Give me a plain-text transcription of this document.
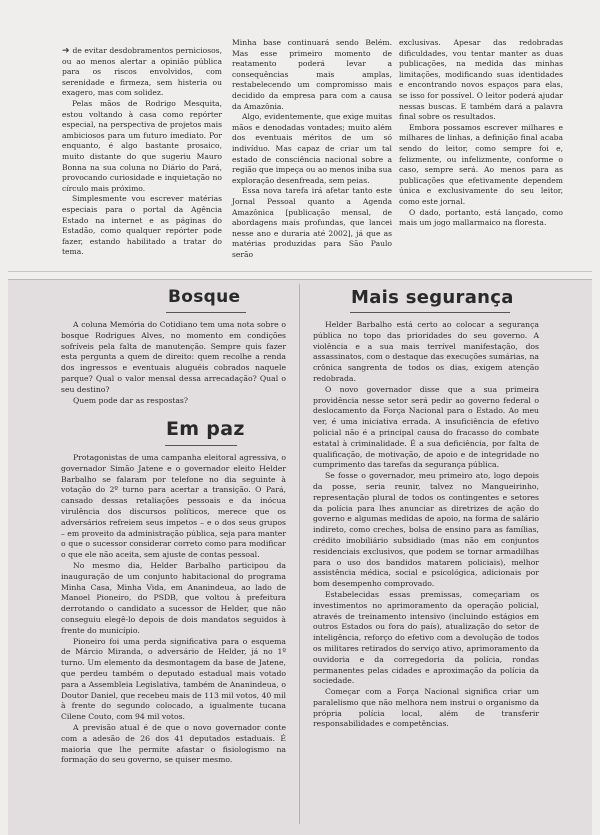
➜ de evitar desdobramentos perniciosos, ou ao menos alertar a opinião pública para os riscos envolvidos, com serenidade e firmeza, sem histeria ou exagero, mas com solidez.

Pelas mãos de Rodrigo Mesquita, estou voltando à casa como repórter especial, na perspectiva de projetos mais ambiciosos para um futuro imediato. Por enquanto, é algo bastante prosaico, muito distante do que sugeriu Mauro Bonna na sua coluna no Diário do Pará, provocando curiosidade e inquietação no círculo mais próximo.

Simplesmente vou escrever matérias especiais para o portal da Agência Estado na internet e as páginas do Estadão, como qualquer repórter pode fazer, estando habilitado a tratar do tema.

Minha base continuará sendo Belém. Mas esse primeiro momento de reatamento poderá levar a consequências mais amplas, restabelecendo um compromisso mais decidido da empresa para com a causa da Amazônia.

Algo, evidentemente, que exige muitas mãos e denodadas vontades; muito além dos eventuais méritos de um só indivíduo. Mas capaz de criar um tal estado de consciência nacional sobre a região que impeça ou ao menos iniba sua exploração desenfreada, sem peias.

Essa nova tarefa irá afetar tanto este Jornal Pessoal quanto a Agenda Amazônica [publicação mensal, de abordagens mais profundas, que lancei nesse ano e duraria até 2002], já que as matérias produzidas para São Paulo serão

exclusivas. Apesar das redobradas dificuldades, vou tentar manter as duas publicações, na medida das minhas limitações, modificando suas identidades e encontrando novos espaços para elas, se isso for possível. O leitor poderá ajudar nessas buscas. E também dará a palavra final sobre os resultados.

Embora possamos escrever milhares e milhares de linhas, a definição final acaba sendo do leitor, como sempre foi e, felizmente, ou infelizmente, conforme o caso, sempre será. Ao menos para as publicações que efetivamente dependem única e exclusivamente do seu leitor, como este jornal.

O dado, portanto, está lançado, como mais um jogo mallarmaico na floresta.

Bosque

A coluna Memória do Cotidiano tem uma nota sobre o bosque Rodrigues Alves, no momento em condições sofríveis pela falta de manutenção. Sempre quis fazer esta pergunta a quem de direito: quem recolhe a renda dos ingressos e eventuais aluguéis cobrados naquele parque? Qual o valor mensal dessa arrecadação? Qual o seu destino?

Quem pode dar as respostas?

Em paz

Protagonistas de uma campanha eleitoral agressiva, o governador Simão Jatene e o governador eleito Helder Barbalho se falaram por telefone no dia seguinte à votação do 2º turno para acertar a transição. O Pará, cansado dessas retaliações pessoais e da inócua virulência dos discursos políticos, merece que os adversários refreiem seus impetos – e o dos seus grupos – em proveito da administração pública, seja para manter o que o sucessor considerar correto como para modificar o que ele não aceita, sem ajuste de contas pessoal.

No mesmo dia, Helder Barbalho participou da inauguração de um conjunto habitacional do programa Minha Casa, Minha Vida, em Ananindeua, ao lado de Manoel Pioneiro, do PSDB, que voltou à prefeitura derrotando o candidato a sucessor de Helder, que não conseguiu elegê-lo depois de dois mandatos seguidos à frente do município.

Pioneiro foi uma perda significativa para o esquema de Márcio Miranda, o adversário de Helder, já no 1º turno. Um elemento da desmontagem da base de Jatene, que perdeu também o deputado estadual mais votado para a Assembleia Legislativa, também de Ananindeua, o Doutor Daniel, que recebeu mais de 113 mil votos, 40 mil à frente do segundo colocado, a igualmente tucana Cilene Couto, com 94 mil votos.

A previsão atual é de que o novo governador conte com a adesão de 26 dos 41 deputados estaduais. É maioria que lhe permite afastar o fisiologismo na formação do seu governo, se quiser mesmo.

Mais segurança

Helder Barbalho está certo ao colocar a segurança pública no topo das prioridades do seu governo. A violência e a sua mais terrível manifestação, dos assassinatos, com o destaque das execuções sumárias, na crônica sangrenta de todos os dias, exigem atenção redobrada.

O novo governador disse que a sua primeira providência nesse setor será pedir ao governo federal o deslocamento da Força Nacional para o Estado. Ao meu ver, é uma iniciativa errada. A insuficiência de efetivo policial não é a principal causa do fracasso do combate estatal à criminalidade. É a sua deficiência, por falta de qualificação, de motivação, de apoio e de integridade no cumprimento das tarefas da segurança pública.

Se fosse o governador, meu primeiro ato, logo depois da posse, seria reunir, talvez no Mangueirinho, representação plural de todos os contingentes e setores da polícia para lhes anunciar as diretrizes de ação do governo e algumas medidas de apoio, na forma de salário indireto, como creches, bolsa de ensino para as famílias, crédito imobiliário subsidiado (mas não em conjuntos residenciais exclusivos, que podem se tornar armadilhas para o uso dos bandidos matarem policiais), melhor assistência médica, social e psicológica, adicionais por bom desempenho comprovado.

Estabelecidas essas premissas, começariam os investimentos no aprimoramento da operação policial, através de treinamento intensivo (incluindo estágios em outros Estados ou fora do país), atualização do setor de inteligência, reforço do efetivo com a devolução de todos os militares retirados do serviço ativo, aprimoramento da ouvidoria e da corregedoria da polícia, rondas permanentes pelas cidades e aproximação da polícia da sociedade.

Começar com a Força Nacional significa criar um paralelismo que não melhora nem instrui o organismo da própria polícia local, além de transferir responsabilidades e competências.
